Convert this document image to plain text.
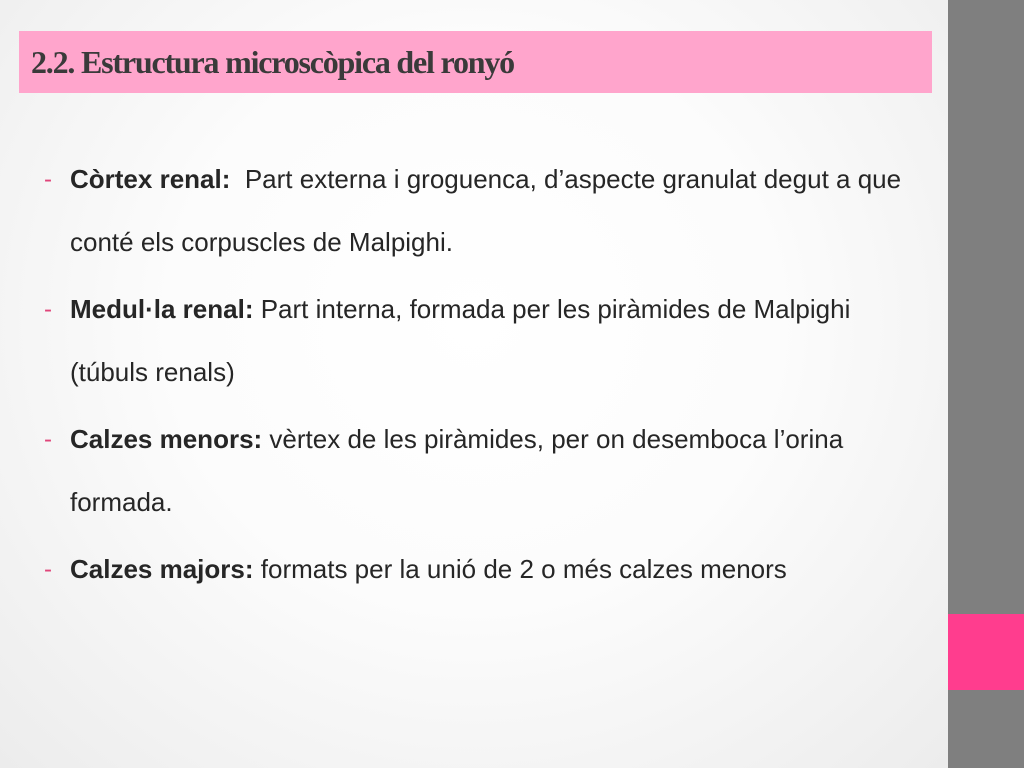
2.2. Estructura microscòpica del ronyó
- Còrtex renal: Part externa i groguenca, d’aspecte granulat degut a que conté els corpuscles de Malpighi.
- Medul·la renal: Part interna, formada per les piràmides de Malpighi (túbuls renals)
- Calzes menors: vèrtex de les piràmides, per on desemboca l’orina formada.
- Calzes majors: formats per la unió de 2 o més calzes menors
